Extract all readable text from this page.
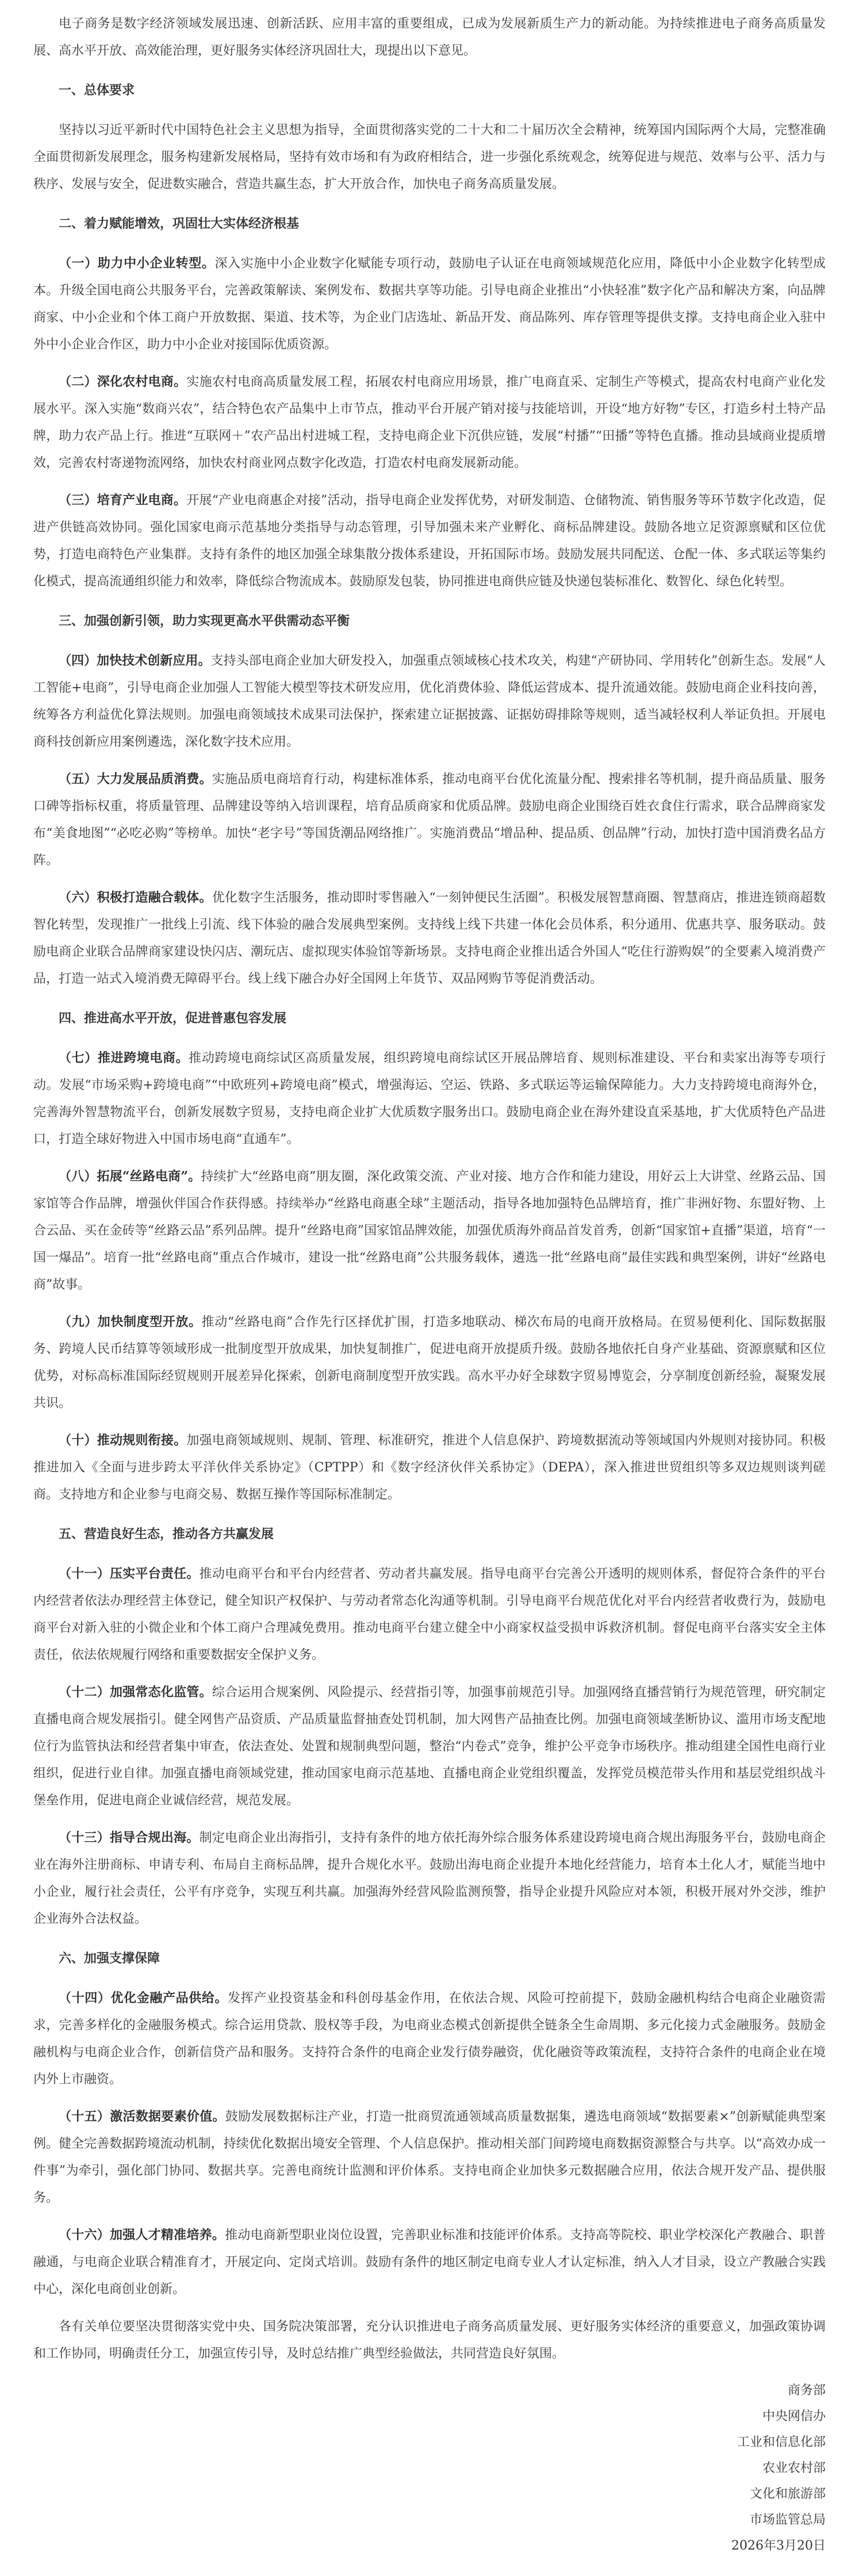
电子商务是数字经济领域发展迅速、创新活跃、应用丰富的重要组成，已成为发展新质生产力的新动能。为持续推进电子商务高质量发展、高水平开放、高效能治理，更好服务实体经济巩固壮大，现提出以下意见。

一、总体要求

坚持以习近平新时代中国特色社会主义思想为指导，全面贯彻落实党的二十大和二十届历次全会精神，统筹国内国际两个大局，完整准确全面贯彻新发展理念，服务构建新发展格局，坚持有效市场和有为政府相结合，进一步强化系统观念，统筹促进与规范、效率与公平、活力与秩序、发展与安全，促进数实融合，营造共赢生态，扩大开放合作，加快电子商务高质量发展。

二、着力赋能增效，巩固壮大实体经济根基

（一）助力中小企业转型。深入实施中小企业数字化赋能专项行动，鼓励电子认证在电商领域规范化应用，降低中小企业数字化转型成本。升级全国电商公共服务平台，完善政策解读、案例发布、数据共享等功能。引导电商企业推出“小快轻准”数字化产品和解决方案，向品牌商家、中小企业和个体工商户开放数据、渠道、技术等，为企业门店选址、新品开发、商品陈列、库存管理等提供支撑。支持电商企业入驻中外中小企业合作区，助力中小企业对接国际优质资源。

（二）深化农村电商。实施农村电商高质量发展工程，拓展农村电商应用场景，推广电商直采、定制生产等模式，提高农村电商产业化发展水平。深入实施“数商兴农”，结合特色农产品集中上市节点，推动平台开展产销对接与技能培训，开设“地方好物”专区，打造乡村土特产品牌，助力农产品上行。推进“互联网＋”农产品出村进城工程，支持电商企业下沉供应链，发展“村播”“田播”等特色直播。推动县域商业提质增效，完善农村寄递物流网络，加快农村商业网点数字化改造，打造农村电商发展新动能。

（三）培育产业电商。开展“产业电商惠企对接”活动，指导电商企业发挥优势，对研发制造、仓储物流、销售服务等环节数字化改造，促进产供链高效协同。强化国家电商示范基地分类指导与动态管理，引导加强未来产业孵化、商标品牌建设。鼓励各地立足资源禀赋和区位优势，打造电商特色产业集群。支持有条件的地区加强全球集散分拨体系建设，开拓国际市场。鼓励发展共同配送、仓配一体、多式联运等集约化模式，提高流通组织能力和效率，降低综合物流成本。鼓励原发包装，协同推进电商供应链及快递包装标准化、数智化、绿色化转型。

三、加强创新引领，助力实现更高水平供需动态平衡

（四）加快技术创新应用。支持头部电商企业加大研发投入，加强重点领域核心技术攻关，构建“产研协同、学用转化”创新生态。发展“人工智能+电商”，引导电商企业加强人工智能大模型等技术研发应用，优化消费体验、降低运营成本、提升流通效能。鼓励电商企业科技向善，统筹各方利益优化算法规则。加强电商领域技术成果司法保护，探索建立证据披露、证据妨碍排除等规则，适当减轻权利人举证负担。开展电商科技创新应用案例遴选，深化数字技术应用。

（五）大力发展品质消费。实施品质电商培育行动，构建标准体系，推动电商平台优化流量分配、搜索排名等机制，提升商品质量、服务口碑等指标权重，将质量管理、品牌建设等纳入培训课程，培育品质商家和优质品牌。鼓励电商企业围绕百姓衣食住行需求，联合品牌商家发布“美食地图”“必吃必购”等榜单。加快“老字号”等国货潮品网络推广。实施消费品“增品种、提品质、创品牌”行动，加快打造中国消费名品方阵。

（六）积极打造融合载体。优化数字生活服务，推动即时零售融入“一刻钟便民生活圈”。积极发展智慧商圈、智慧商店，推进连锁商超数智化转型，发现推广一批线上引流、线下体验的融合发展典型案例。支持线上线下共建一体化会员体系，积分通用、优惠共享、服务联动。鼓励电商企业联合品牌商家建设快闪店、潮玩店、虚拟现实体验馆等新场景。支持电商企业推出适合外国人“吃住行游购娱”的全要素入境消费产品，打造一站式入境消费无障碍平台。线上线下融合办好全国网上年货节、双品网购节等促消费活动。

四、推进高水平开放，促进普惠包容发展

（七）推进跨境电商。推动跨境电商综试区高质量发展，组织跨境电商综试区开展品牌培育、规则标准建设、平台和卖家出海等专项行动。发展“市场采购+跨境电商”“中欧班列+跨境电商”模式，增强海运、空运、铁路、多式联运等运输保障能力。大力支持跨境电商海外仓，完善海外智慧物流平台，创新发展数字贸易，支持电商企业扩大优质数字服务出口。鼓励电商企业在海外建设直采基地，扩大优质特色产品进口，打造全球好物进入中国市场电商“直通车”。

（八）拓展“丝路电商”。持续扩大“丝路电商”朋友圈，深化政策交流、产业对接、地方合作和能力建设，用好云上大讲堂、丝路云品、国家馆等合作品牌，增强伙伴国合作获得感。持续举办“丝路电商惠全球”主题活动，指导各地加强特色品牌培育，推广非洲好物、东盟好物、上合云品、买在金砖等“丝路云品”系列品牌。提升“丝路电商”国家馆品牌效能，加强优质海外商品首发首秀，创新“国家馆+直播”渠道，培育“一国一爆品”。培育一批“丝路电商”重点合作城市，建设一批“丝路电商”公共服务载体，遴选一批“丝路电商”最佳实践和典型案例，讲好“丝路电商”故事。

（九）加快制度型开放。推动“丝路电商”合作先行区择优扩围，打造多地联动、梯次布局的电商开放格局。在贸易便利化、国际数据服务、跨境人民币结算等领域形成一批制度型开放成果，加快复制推广，促进电商开放提质升级。鼓励各地依托自身产业基础、资源禀赋和区位优势，对标高标准国际经贸规则开展差异化探索，创新电商制度型开放实践。高水平办好全球数字贸易博览会，分享制度创新经验，凝聚发展共识。

（十）推动规则衔接。加强电商领域规则、规制、管理、标准研究，推进个人信息保护、跨境数据流动等领域国内外规则对接协同。积极推进加入《全面与进步跨太平洋伙伴关系协定》（CPTPP）和《数字经济伙伴关系协定》（DEPA），深入推进世贸组织等多双边规则谈判磋商。支持地方和企业参与电商交易、数据互操作等国际标准制定。

五、营造良好生态，推动各方共赢发展

（十一）压实平台责任。推动电商平台和平台内经营者、劳动者共赢发展。指导电商平台完善公开透明的规则体系，督促符合条件的平台内经营者依法办理经营主体登记，健全知识产权保护、与劳动者常态化沟通等机制。引导电商平台规范优化对平台内经营者收费行为，鼓励电商平台对新入驻的小微企业和个体工商户合理减免费用。推动电商平台建立健全中小商家权益受损申诉救济机制。督促电商平台落实安全主体责任，依法依规履行网络和重要数据安全保护义务。

（十二）加强常态化监管。综合运用合规案例、风险提示、经营指引等，加强事前规范引导。加强网络直播营销行为规范管理，研究制定直播电商合规发展指引。健全网售产品资质、产品质量监督抽查处罚机制，加大网售产品抽查比例。加强电商领域垄断协议、滥用市场支配地位行为监管执法和经营者集中审查，依法查处、处置和规制典型问题，整治“内卷式”竞争，维护公平竞争市场秩序。推动组建全国性电商行业组织，促进行业自律。加强直播电商领域党建，推动国家电商示范基地、直播电商企业党组织覆盖，发挥党员模范带头作用和基层党组织战斗堡垒作用，促进电商企业诚信经营，规范发展。

（十三）指导合规出海。制定电商企业出海指引，支持有条件的地方依托海外综合服务体系建设跨境电商合规出海服务平台，鼓励电商企业在海外注册商标、申请专利、布局自主商标品牌，提升合规化水平。鼓励出海电商企业提升本地化经营能力，培育本土化人才，赋能当地中小企业，履行社会责任，公平有序竞争，实现互利共赢。加强海外经营风险监测预警，指导企业提升风险应对本领，积极开展对外交涉，维护企业海外合法权益。

六、加强支撑保障

（十四）优化金融产品供给。发挥产业投资基金和科创母基金作用，在依法合规、风险可控前提下，鼓励金融机构结合电商企业融资需求，完善多样化的金融服务模式。综合运用贷款、股权等手段，为电商业态模式创新提供全链条全生命周期、多元化接力式金融服务。鼓励金融机构与电商企业合作，创新信贷产品和服务。支持符合条件的电商企业发行债券融资，优化融资等政策流程，支持符合条件的电商企业在境内外上市融资。

（十五）激活数据要素价值。鼓励发展数据标注产业，打造一批商贸流通领域高质量数据集，遴选电商领域“数据要素×”创新赋能典型案例。健全完善数据跨境流动机制，持续优化数据出境安全管理、个人信息保护。推动相关部门间跨境电商数据资源整合与共享。以“高效办成一件事”为牵引，强化部门协同、数据共享。完善电商统计监测和评价体系。支持电商企业加快多元数据融合应用，依法合规开发产品、提供服务。

（十六）加强人才精准培养。推动电商新型职业岗位设置，完善职业标准和技能评价体系。支持高等院校、职业学校深化产教融合、职普融通，与电商企业联合精准育才，开展定向、定岗式培训。鼓励有条件的地区制定电商专业人才认定标准，纳入人才目录，设立产教融合实践中心，深化电商创业创新。

各有关单位要坚决贯彻落实党中央、国务院决策部署，充分认识推进电子商务高质量发展、更好服务实体经济的重要意义，加强政策协调和工作协同，明确责任分工，加强宣传引导，及时总结推广典型经验做法，共同营造良好氛围。

商务部

中央网信办

工业和信息化部

农业农村部

文化和旅游部

市场监管总局

2026年3月20日
